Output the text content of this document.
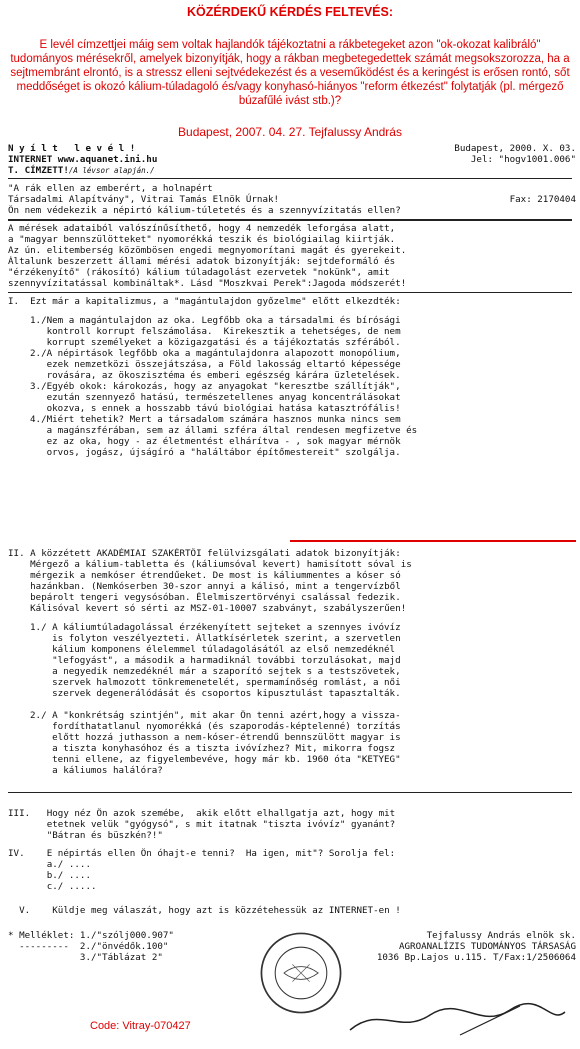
KÖZÉRDEKŰ KÉRDÉS FELTEVÉS:
E levél címzettjei máig sem voltak hajlandók tájékoztatni a rákbetegeket azon "ok-okozat kalibráló" tudományos mérésekről, amelyek bizonyítják, hogy a rákban megbetegedettek számát megsokszorozza, ha a sejtmembránt elrontó, is a stressz elleni sejtvédekezést és a veseműködést és a keringést is erősen rontó, sőt meddőséget is okozó kálium-túladagoló és/vagy konyhasó-hiányos "reform étkezést" folytatják (pl. mérgező búzafűlé ivást stb.)?
Budapest, 2007. 04. 27. Tejfalussy András
N y í l t   l e v é l !	Budapest, 2000. X. 03.
INTERNET www.aquanet.ini.hu	Jel: "hogv1001.006"
T. CÍMZETT! /A lévsor alapján./
"A rák ellen az emberért, a holnapért
Társadalmi Alapítvány", Vitrai Tamás Elnök Úrnak!	Fax: 2170404
Ön nem védekezik a népirtó kálium-túletetés és a szennyvízitatás ellen?
A mérések adataiból valószínűsíthető, hogy 4 nemzedék leforgása alatt,
a "magyar bennszülötteket" nyomorékká teszik és biológiailag kiirtják.
Az ún. elitemberség közömbösen engedi megnyomorítani magát és gyerekeit.
Általunk beszerzett állami mérési adatok bizonyítják: sejtdeformáló és
"érzékenyítő" (rákosító) kálium túladagolást ezervetek "nokünk", amit
szennyvízitatással kombináltak*. Lásd "Moszkvai Perek":Jagoda módszerét!
I.  Ezt már a kapitalizmus, a "magántulajdon győzelme" előtt elkezdték:
1./Nem a magántulajdon az oka. Legfőbb oka a társadalmi és bírósági
kontroll korrupt felszámolása.  Kirekesztik a tehetséges, de nem
korrupt személyeket a közigazgatási és a tájékoztatás szférából.
2./A népirtások legfőbb oka a magántulajdonra alapozott monopólium,
ezek nemzetközi összejátszása, a Föld lakosság eltartó képessége
rovására, az ökoszisztéma és emberi egészség kárára üzletelések.
3./Egyéb okok: károkozás, hogy az anyagokat "keresztbe szállítják",
ezután szennyező hatású, természetellenes anyag koncentrálásokat
okozva, s ennek a hosszabb távú biológiai hatása katasztrófális!
4./Miért tehetik? Mert a társadalom számára hasznos munka nincs sem
a magánszférában, sem az állami szféra által rendesen megfizetve és
ez az oka, hogy - az életmentést elhárítva - , sok magyar mérnök
orvos, jogász, újságíró a "haláltábor építőmestereit" szolgálja.
II. A közzétett AKADÉMIAI SZAKÉRTŐI felülvizsgálati adatok bizonyítják:
Mérgező a kálium-tabletta és (káliumsóval kevert) hamisított sóval is
mérgezik a nemkóser étrendűeket. De most is káliummentes a kóser só
hazánkban. (Nemkóserben 30-szor annyi a kálisó, mint a tengervízből
bepárolt tengeri vegysósóban. Élelmiszertörvényi csalással fedezik.
Kálisóval kevert só sérti az MSZ-01-10007 szabványt, szabályszerűen!
1./ A káliumtúladagolással érzékenyített sejteket a szennyes ivóvíz
is folyton veszélyezteti. Állatkísérletek szerint, a szervetlen
kálium komponens élelemmel túladagolásától az első nemzedéknél
"lefogyást", a második a harmadiknál további torzulásokat, majd
a negyedik nemzedéknél már a szaporító sejtek s a testszövetek,
szervek halmozott tönkremenetelét, spermamínőség romlást, a női
szervek degenerálódását és csoportos kipusztulást tapasztalták.
2./ A "konkrétság szintjén", mit akar Ön tenni azért,hogy a vissza-
fordíthatatlanul nyomorékká (és szaporodás-képtelenné) torzítás
előtt hozzá juthasson a nem-kóser-étrendű bennszülött magyar is
a tiszta konyhasóhoz és a tiszta ivóvízhez? Mit, mikorra fogsz
tenni ellene, az figyelembevéve, hogy már kb. 1960 óta "KETYEG"
a káliumos halálóra?
III.   Hogy néz Ön azok szemébe,  akik előtt elhallgatja azt, hogy mit
etetnek velük "gyógysó", s mit itatnak "tiszta ivóvíz" gyanánt?
"Bátran és büszkén?!"
IV.    E népirtás ellen Ön óhajt-e tenni?  Ha igen, mit"? Sorolja fel:
a./ ....
b./ ....
c./ .....
V.    Küldje meg válaszát, hogy azt is közzétehessük az INTERNET-en !
* Melléklet: 1./"szólj000.907"	Tejfalussy András elnök sk.
---------  2./"önvédők.100"	AGROANALÍZIS TUDOMÁNYOS TÁRSASÁG
3./"Táblázat 2"	1036 Bp.Lajos u.115. T/Fax:1/2506064
Code: Vitray-070427
